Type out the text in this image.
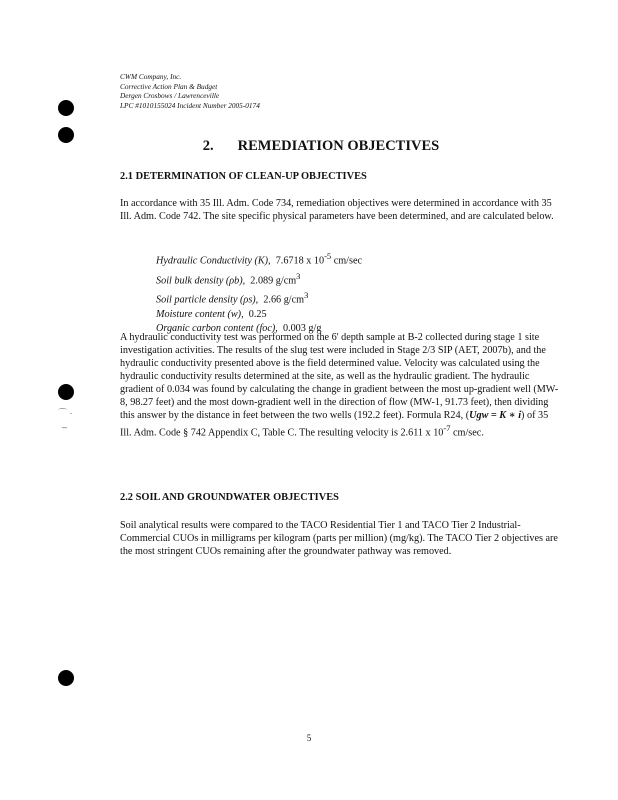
⌒ ·
–
CWM Company, Inc.
Corrective Action Plan & Budget
Dergen Crosbows / Lawrenceville
LPC #1010155024 Incident Number 2005-0174
2. REMEDIATION OBJECTIVES
2.1 DETERMINATION OF CLEAN-UP OBJECTIVES
In accordance with 35 Ill. Adm. Code 734, remediation objectives were determined in accordance with 35 Ill. Adm. Code 742. The site specific physical parameters have been determined, and are calculated below.
Hydraulic Conductivity (K), 7.6718 x $10^{-5}$ cm/sec
Soil bulk density (ρb), 2.089 $g/cm^3$
Soil particle density (ρs), 2.66 $g/cm^3$
Moisture content (w), 0.25
Organic carbon content (foc), 0.003 g/g
A hydraulic conductivity test was performed on the 6' depth sample at B-2 collected during stage 1 site investigation activities. The results of the slug test were included in Stage 2/3 SIP (AET, 2007b), and the hydraulic conductivity presented above is the field determined value. Velocity was calculated using the hydraulic conductivity results determined at the site, as well as the hydraulic gradient. The hydraulic gradient of 0.034 was found by calculating the change in gradient between the most up-gradient well (MW-8, 98.27 feet) and the most down-gradient well in the direction of flow (MW-1, 91.73 feet), then dividing this answer by the distance in feet between the two wells (192.2 feet). Formula R24, (Ugw = K ∗ i) of 35 Ill. Adm. Code § 742 Appendix C, Table C. The resulting velocity is 2.611 x $10^{-7}$ cm/sec.
2.2 SOIL AND GROUNDWATER OBJECTIVES
Soil analytical results were compared to the TACO Residential Tier 1 and TACO Tier 2 Industrial-Commercial CUOs in milligrams per kilogram (parts per million) (mg/kg). The TACO Tier 2 objectives are the most stringent CUOs remaining after the groundwater pathway was removed.
5
